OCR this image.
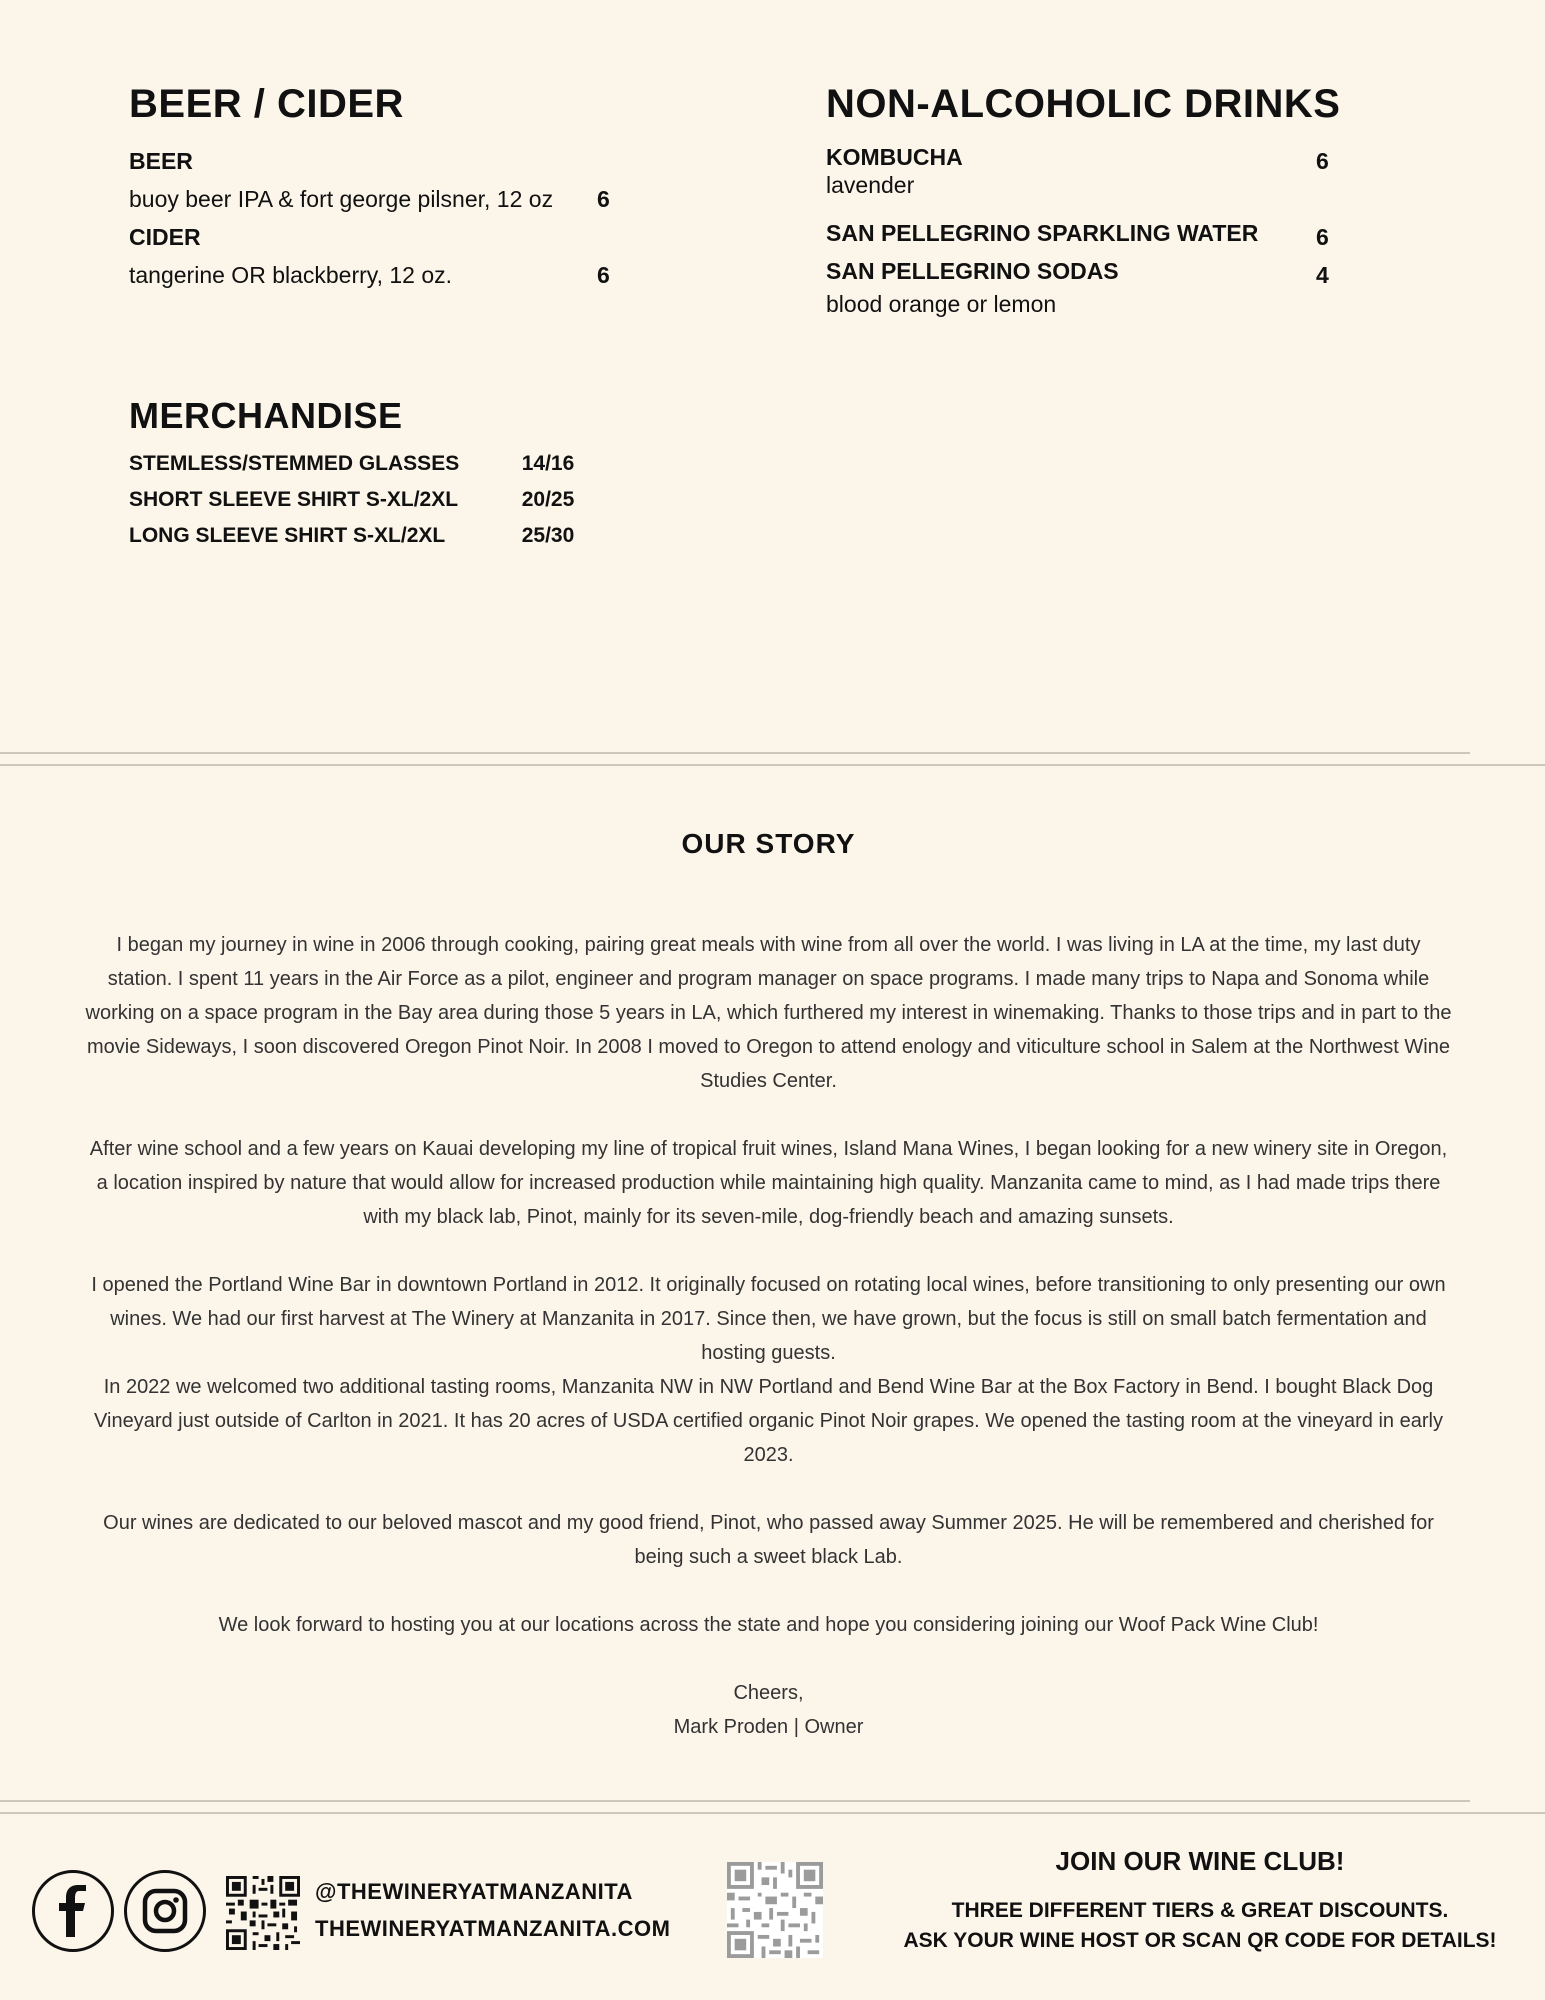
BEER / CIDER
BEER
buoy beer IPA & fort george pilsner, 12 oz 6
CIDER
tangerine OR blackberry, 12 oz.	6
NON-ALCOHOLIC DRINKS
KOMBUCHA	6
lavender
SAN PELLEGRINO SPARKLING WATER	6
SAN PELLEGRINO SODAS	4
blood orange or lemon
MERCHANDISE
STEMLESS/STEMMED GLASSES	14/16
SHORT SLEEVE SHIRT S-XL/2XL	20/25
LONG SLEEVE SHIRT S-XL/2XL	25/30
OUR STORY

I began my journey in wine in 2006 through cooking, pairing great meals with wine from all over the world. I was living in LA at the time, my last duty station. I spent 11 years in the Air Force as a pilot, engineer and program manager on space programs. I made many trips to Napa and Sonoma while working on a space program in the Bay area during those 5 years in LA, which furthered my interest in winemaking. Thanks to those trips and in part to the movie Sideways, I soon discovered Oregon Pinot Noir. In 2008 I moved to Oregon to attend enology and viticulture school in Salem at the Northwest Wine Studies Center.

After wine school and a few years on Kauai developing my line of tropical fruit wines, Island Mana Wines, I began looking for a new winery site in Oregon, a location inspired by nature that would allow for increased production while maintaining high quality. Manzanita came to mind, as I had made trips there with my black lab, Pinot, mainly for its seven-mile, dog-friendly beach and amazing sunsets.

I opened the Portland Wine Bar in downtown Portland in 2012. It originally focused on rotating local wines, before transitioning to only presenting our own wines. We had our first harvest at The Winery at Manzanita in 2017. Since then, we have grown, but the focus is still on small batch fermentation and hosting guests.

In 2022 we welcomed two additional tasting rooms, Manzanita NW in NW Portland and Bend Wine Bar at the Box Factory in Bend. I bought Black Dog Vineyard just outside of Carlton in 2021. It has 20 acres of USDA certified organic Pinot Noir grapes. We opened the tasting room at the vineyard in early 2023.

Our wines are dedicated to our beloved mascot and my good friend, Pinot, who passed away Summer 2025. He will be remembered and cherished for being such a sweet black Lab.

We look forward to hosting you at our locations across the state and hope you considering joining our Woof Pack Wine Club!

Cheers,
Mark Proden | Owner
@THEWINERYATMANZANITA
THEWINERYATMANZANITA.COM
JOIN OUR WINE CLUB!
THREE DIFFERENT TIERS & GREAT DISCOUNTS.
ASK YOUR WINE HOST OR SCAN QR CODE FOR DETAILS!
